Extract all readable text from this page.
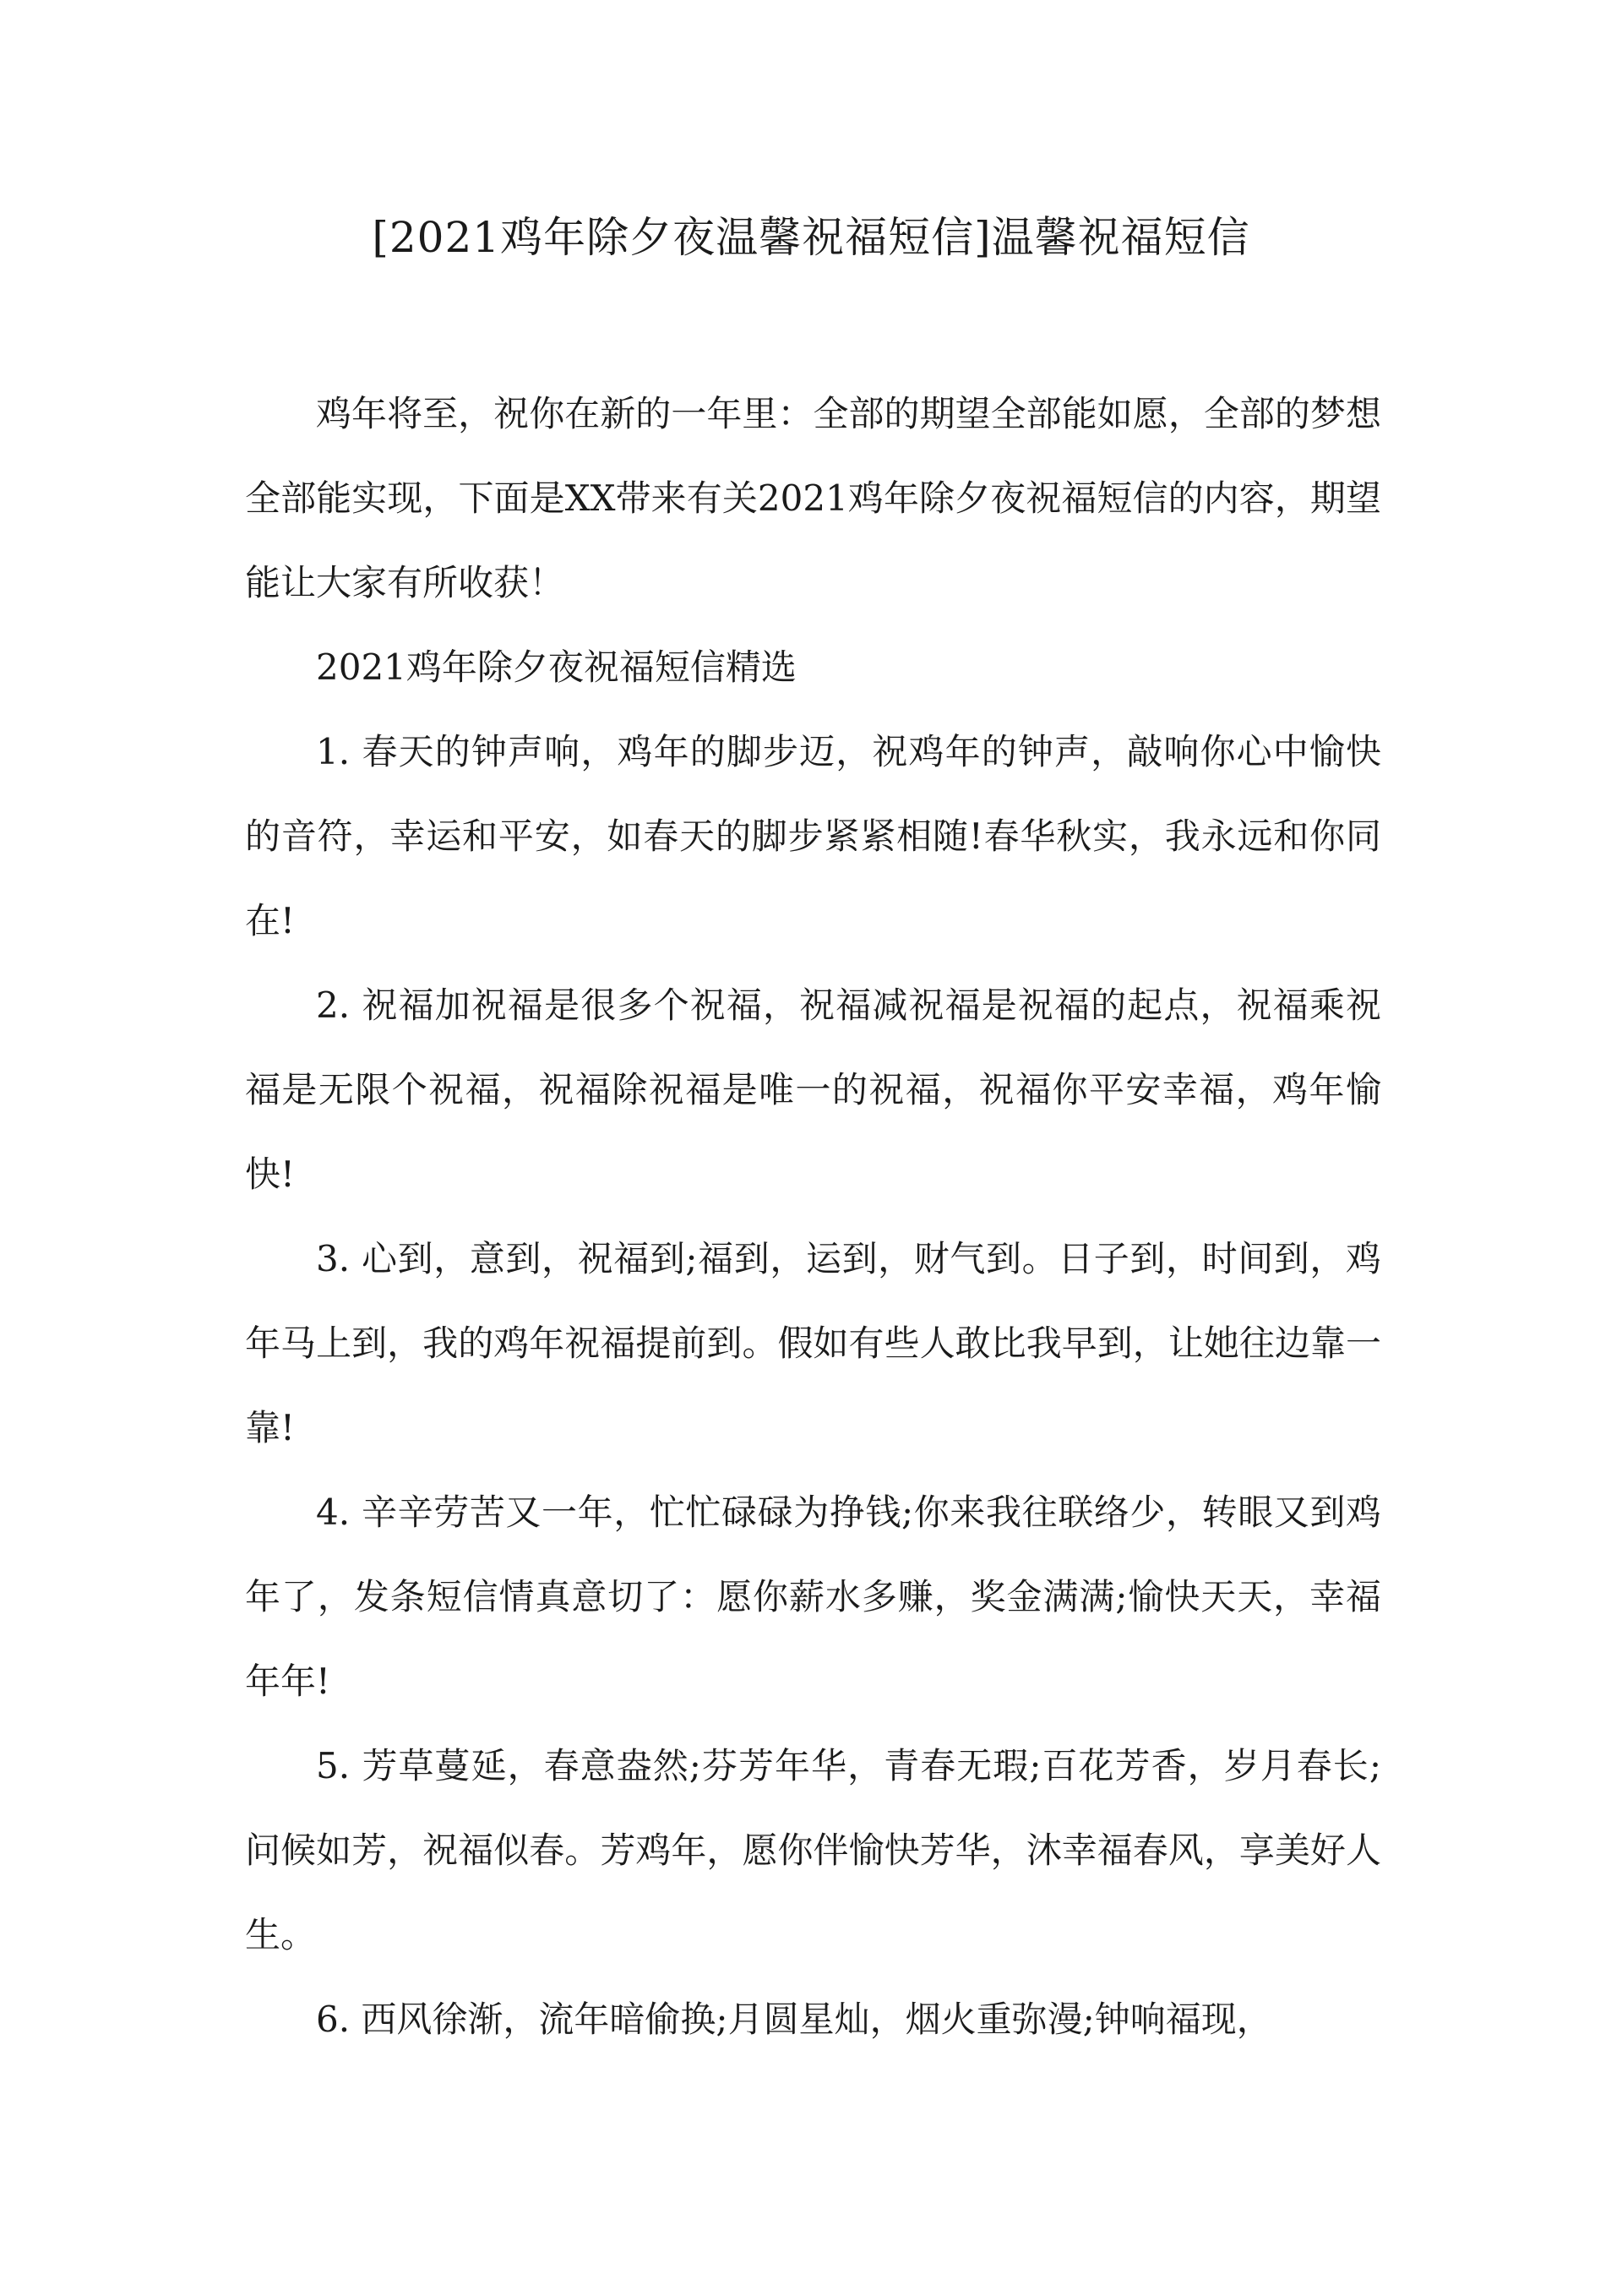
[2021鸡年除夕夜温馨祝福短信]温馨祝福短信

鸡年将至，祝你在新的一年里：全部的期望全部能如愿，全部的梦想全部能实现，下面是XX带来有关2021鸡年除夕夜祝福短信的内容，期望能让大家有所收获！

2021鸡年除夕夜祝福短信精选

1. 春天的钟声响，鸡年的脚步迈，祝鸡年的钟声，敲响你心中愉快的音符，幸运和平安，如春天的脚步紧紧相随!春华秋实，我永远和你同在!

2. 祝福加祝福是很多个祝福，祝福减祝福是祝福的起点，祝福乘祝福是无限个祝福，祝福除祝福是唯一的祝福，祝福你平安幸福，鸡年愉快!

3. 心到，意到，祝福到;福到，运到，财气到。日子到，时间到，鸡年马上到，我的鸡年祝福提前到。假如有些人敢比我早到，让她往边靠一靠!

4. 辛辛劳苦又一年，忙忙碌碌为挣钱;你来我往联络少，转眼又到鸡年了，发条短信情真意切了：愿你薪水多赚，奖金满满;愉快天天，幸福年年!

5. 芳草蔓延，春意盎然;芬芳年华，青春无瑕;百花芳香，岁月春长;问候如芳，祝福似春。芳鸡年，愿你伴愉快芳华，沐幸福春风，享美好人生。

6. 西风徐渐，流年暗偷换;月圆星灿，烟火重弥漫;钟响福现，
